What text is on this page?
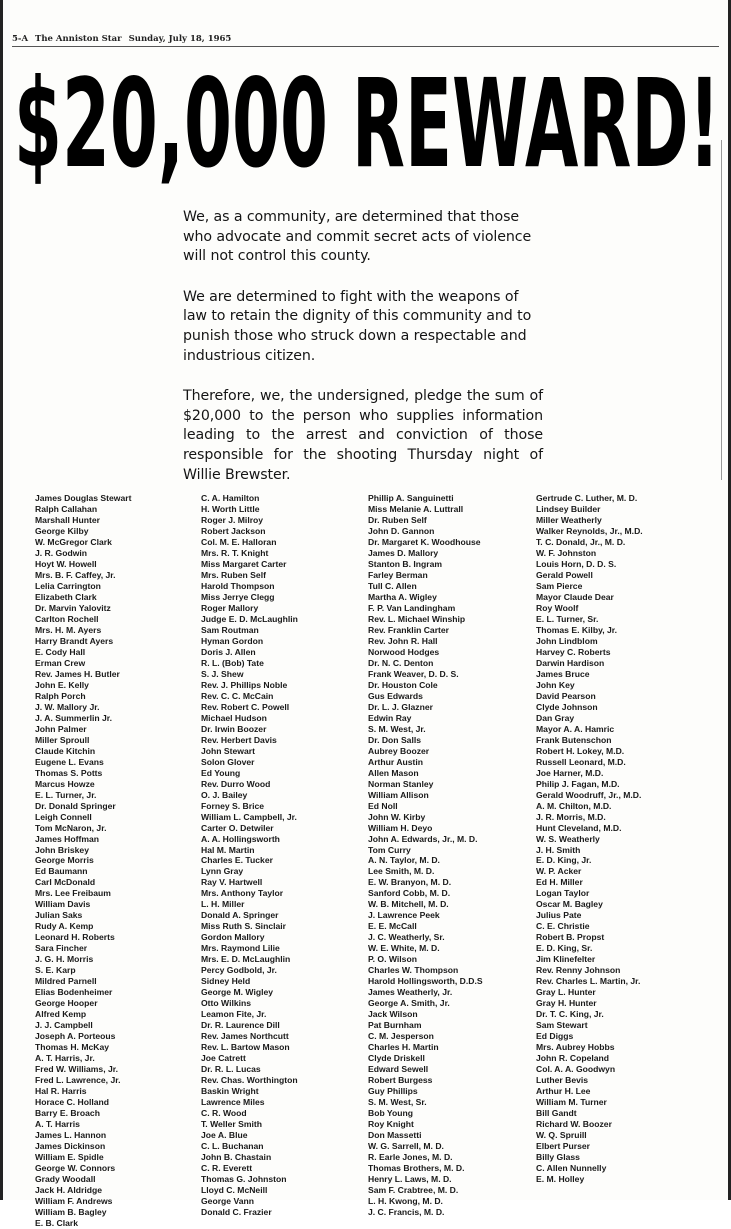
5-A The Anniston Star Sunday, July 18, 1965
$20,000 REWARD!

We, as a community, are determined that those who advocate and commit secret acts of violence will not control this county.

We are determined to fight with the weapons of law to retain the dignity of this community and to punish those who struck down a respectable and industrious citizen.

Therefore, we, the undersigned, pledge the sum of $20,000 to the person who supplies information leading to the arrest and conviction of those responsible for the shooting Thursday night of Willie Brewster.

James Douglas Stewart
Ralph Callahan
Marshall Hunter
George Kilby
W. McGregor Clark
J. R. Godwin
Hoyt W. Howell
Mrs. B. F. Caffey, Jr.
Lelia Carrington
Elizabeth Clark
Dr. Marvin Yalovitz
Carlton Rochell
Mrs. H. M. Ayers
Harry Brandt Ayers
E. Cody Hall
Erman Crew
Rev. James H. Butler
John E. Kelly
Ralph Porch
J. W. Mallory Jr.
J. A. Summerlin Jr.
John Palmer
Miller Sproull
Claude Kitchin
Eugene L. Evans
Thomas S. Potts
Marcus Howze
E. L. Turner, Jr.
Dr. Donald Springer
Leigh Connell
Tom McNaron, Jr.
James Hoffman
John Briskey
George Morris
Ed Baumann
Carl McDonald
Mrs. Lee Freibaum
William Davis
Julian Saks
Rudy A. Kemp
Leonard H. Roberts
Sara Fincher
J. G. H. Morris
S. E. Karp
Mildred Parnell
Elias Bodenheimer
George Hooper
Alfred Kemp
J. J. Campbell
Joseph A. Porteous
Thomas H. McKay
A. T. Harris, Jr.
Fred W. Williams, Jr.
Fred L. Lawrence, Jr.
Hal R. Harris
Horace C. Holland
Barry E. Broach
A. T. Harris
James L. Hannon
James Dickinson
William E. Spidle
George W. Connors
Grady Woodall
Jack H. Aldridge
William F. Andrews
William B. Bagley
E. B. Clark
C. A. Hamilton
H. Worth Little
Roger J. Milroy
Robert Jackson
Col. M. E. Halloran
Mrs. R. T. Knight
Miss Margaret Carter
Mrs. Ruben Self
Harold Thompson
Miss Jerrye Clegg
Roger Mallory
Judge E. D. McLaughlin
Sam Routman
Hyman Gordon
Doris J. Allen
R. L. (Bob) Tate
S. J. Shew
Rev. J. Phillips Noble
Rev. C. C. McCain
Rev. Robert C. Powell
Michael Hudson
Dr. Irwin Boozer
Rev. Herbert Davis
John Stewart
Solon Glover
Ed Young
Rev. Durro Wood
O. J. Bailey
Forney S. Brice
William L. Campbell, Jr.
Carter O. Detwiler
A. A. Hollingsworth
Hal M. Martin
Charles E. Tucker
Lynn Gray
Ray V. Hartwell
Mrs. Anthony Taylor
L. H. Miller
Donald A. Springer
Miss Ruth S. Sinclair
Gordon Mallory
Mrs. Raymond Lilie
Mrs. E. D. McLaughlin
Percy Godbold, Jr.
Sidney Held
George M. Wigley
Otto Wilkins
Leamon Fite, Jr.
Dr. R. Laurence Dill
Rev. James Northcutt
Rev. L. Bartow Mason
Joe Catrett
Dr. R. L. Lucas
Rev. Chas. Worthington
Baskin Wright
Lawrence Miles
C. R. Wood
T. Weller Smith
Joe A. Blue
C. L. Buchanan
John B. Chastain
C. R. Everett
Thomas G. Johnston
Lloyd C. McNeill
George Vann
Donald C. Frazier
Phillip A. Sanguinetti
Miss Melanie A. Luttrall
Dr. Ruben Self
John D. Gannon
Dr. Margaret K. Woodhouse
James D. Mallory
Stanton B. Ingram
Farley Berman
Tull C. Allen
Martha A. Wigley
F. P. Van Landingham
Rev. L. Michael Winship
Rev. Franklin Carter
Rev. John R. Hall
Norwood Hodges
Dr. N. C. Denton
Frank Weaver, D. D. S.
Dr. Houston Cole
Gus Edwards
Dr. L. J. Glazner
Edwin Ray
S. M. West, Jr.
Dr. Don Salls
Aubrey Boozer
Arthur Austin
Allen Mason
Norman Stanley
William Allison
Ed Noll
John W. Kirby
William H. Deyo
John A. Edwards, Jr., M. D.
Tom Curry
A. N. Taylor, M. D.
Lee Smith, M. D.
E. W. Branyon, M. D.
Sanford Cobb, M. D.
W. B. Mitchell, M. D.
J. Lawrence Peek
E. E. McCall
J. C. Weatherly, Sr.
W. E. White, M. D.
P. O. Wilson
Charles W. Thompson
Harold Hollingsworth, D.D.S
James Weatherly, Jr.
George A. Smith, Jr.
Jack Wilson
Pat Burnham
C. M. Jesperson
Charles H. Martin
Clyde Driskell
Edward Sewell
Robert Burgess
Guy Phillips
S. M. West, Sr.
Bob Young
Roy Knight
Don Massetti
W. G. Sarrell, M. D.
R. Earle Jones, M. D.
Thomas Brothers, M. D.
Henry L. Laws, M. D.
Sam F. Crabtree, M. D.
L. H. Kwong, M. D.
J. C. Francis, M. D.
Gertrude C. Luther, M. D.
Lindsey Builder
Miller Weatherly
Walker Reynolds, Jr., M.D.
T. C. Donald, Jr., M. D.
W. F. Johnston
Louis Horn, D. D. S.
Gerald Powell
Sam Pierce
Mayor Claude Dear
Roy Woolf
E. L. Turner, Sr.
Thomas E. Kilby, Jr.
John Lindblom
Harvey C. Roberts
Darwin Hardison
James Bruce
John Key
David Pearson
Clyde Johnson
Dan Gray
Mayor A. A. Hamric
Frank Butenschon
Robert H. Lokey, M.D.
Russell Leonard, M.D.
Joe Harner, M.D.
Philip J. Fagan, M.D.
Gerald Woodruff, Jr., M.D.
A. M. Chilton, M.D.
J. R. Morris, M.D.
Hunt Cleveland, M.D.
W. S. Weatherly
J. H. Smith
E. D. King, Jr.
W. P. Acker
Ed H. Miller
Logan Taylor
Oscar M. Bagley
Julius Pate
C. E. Christie
Robert B. Propst
E. D. King, Sr.
Jim Klinefelter
Rev. Renny Johnson
Rev. Charles L. Martin, Jr.
Gray L. Hunter
Gray H. Hunter
Dr. T. C. King, Jr.
Sam Stewart
Ed Diggs
Mrs. Aubrey Hobbs
John R. Copeland
Col. A. A. Goodwyn
Luther Bevis
Arthur H. Lee
William M. Turner
Bill Gandt
Richard W. Boozer
W. Q. Spruill
Elbert Purser
Billy Glass
C. Allen Nunnelly
E. M. Holley
